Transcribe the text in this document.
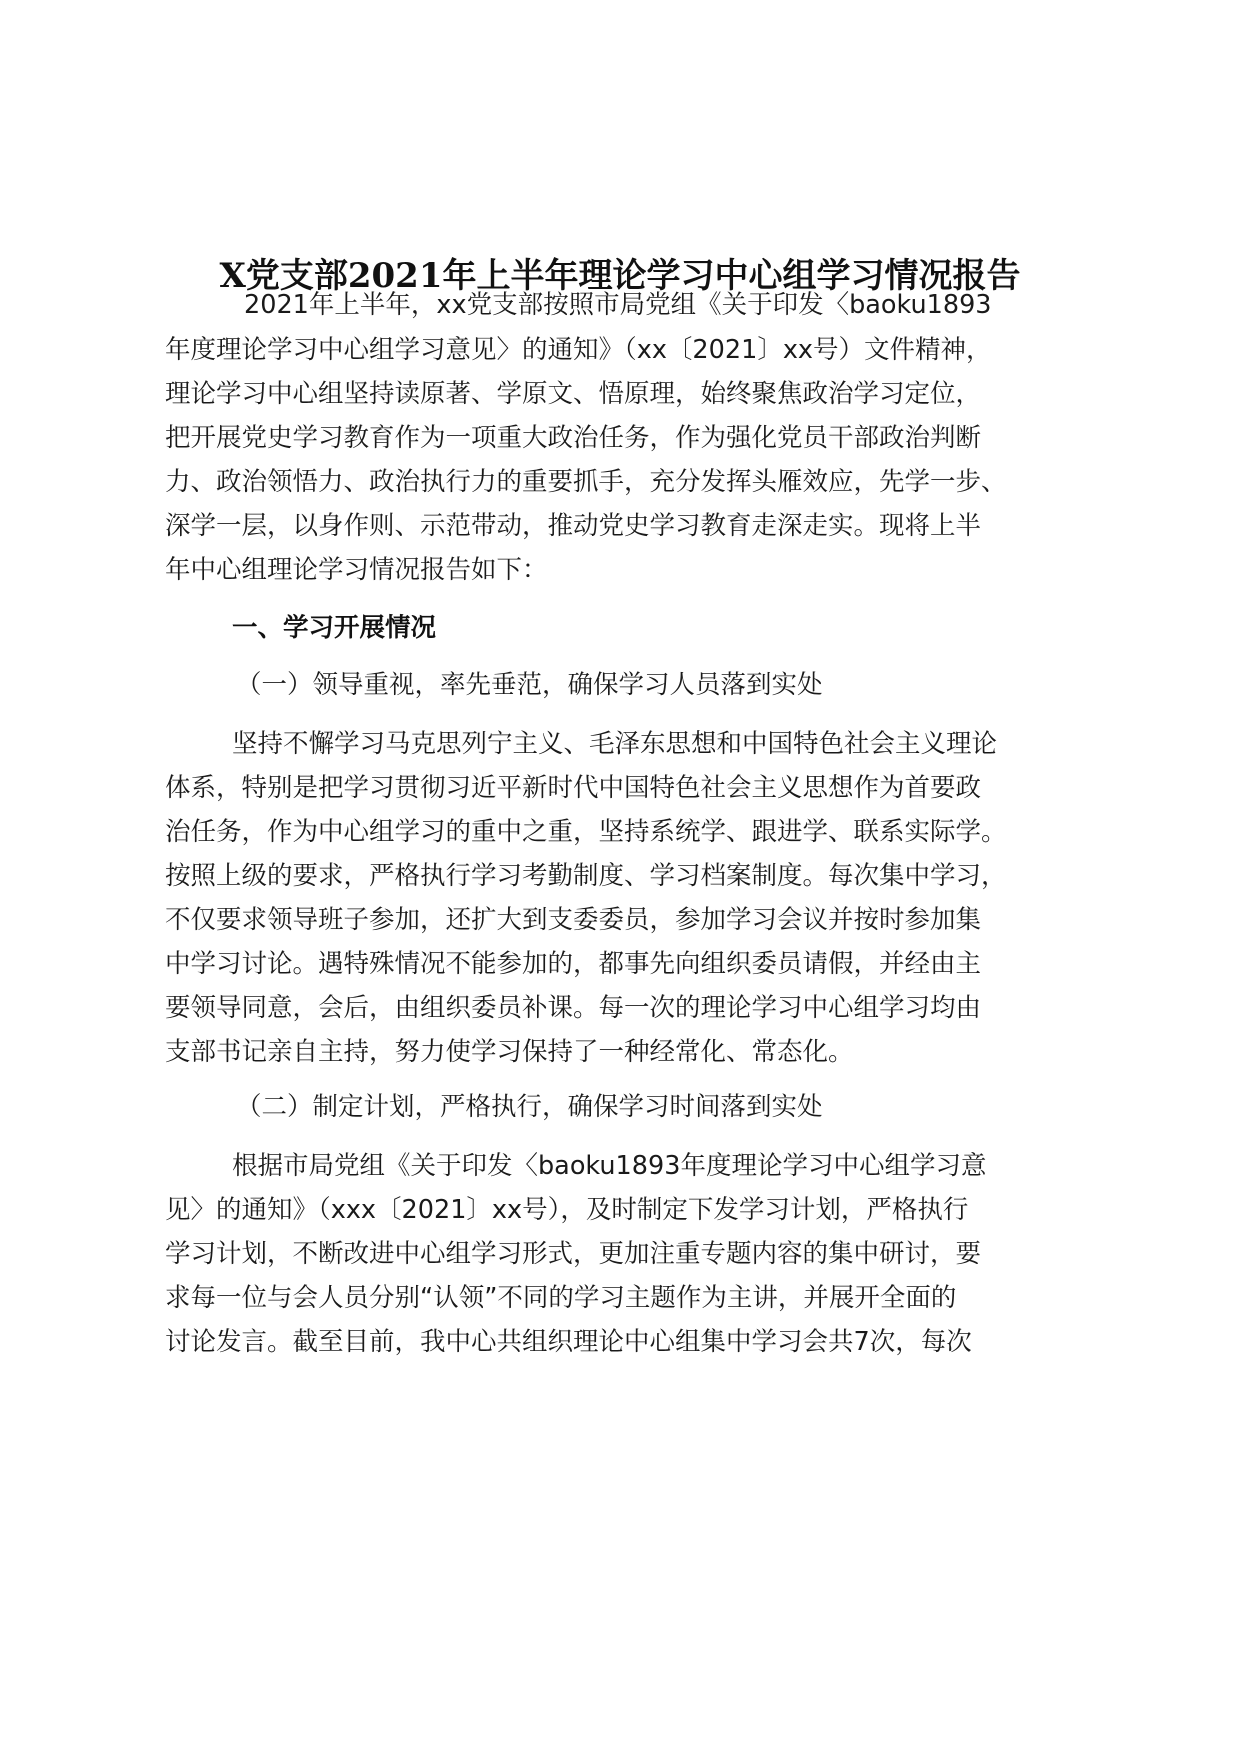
X党支部2021年上半年理论学习中心组学习情况报告

2021年上半年，xx党支部按照市局党组《关于印发〈baoku1893

年度理论学习中心组学习意见〉的通知》（xx〔2021〕xx号）文件精神，

理论学习中心组坚持读原著、学原文、悟原理，始终聚焦政治学习定位，

把开展党史学习教育作为一项重大政治任务，作为强化党员干部政治判断

力、政治领悟力、政治执行力的重要抓手，充分发挥头雁效应，先学一步、

深学一层，以身作则、示范带动，推动党史学习教育走深走实。现将上半

年中心组理论学习情况报告如下：

一、学习开展情况

（一）领导重视，率先垂范，确保学习人员落到实处

坚持不懈学习马克思列宁主义、毛泽东思想和中国特色社会主义理论

体系，特别是把学习贯彻习近平新时代中国特色社会主义思想作为首要政

治任务，作为中心组学习的重中之重，坚持系统学、跟进学、联系实际学。

按照上级的要求，严格执行学习考勤制度、学习档案制度。每次集中学习，

不仅要求领导班子参加，还扩大到支委委员，参加学习会议并按时参加集

中学习讨论。遇特殊情况不能参加的，都事先向组织委员请假，并经由主

要领导同意，会后，由组织委员补课。每一次的理论学习中心组学习均由

支部书记亲自主持，努力使学习保持了一种经常化、常态化。

（二）制定计划，严格执行，确保学习时间落到实处

根据市局党组《关于印发〈baoku1893年度理论学习中心组学习意

见〉的通知》（xxx〔2021〕xx号），及时制定下发学习计划，严格执行

学习计划，不断改进中心组学习形式，更加注重专题内容的集中研讨，要

求每一位与会人员分别“认领”不同的学习主题作为主讲，并展开全面的

讨论发言。截至目前，我中心共组织理论中心组集中学习会共7次，每次
